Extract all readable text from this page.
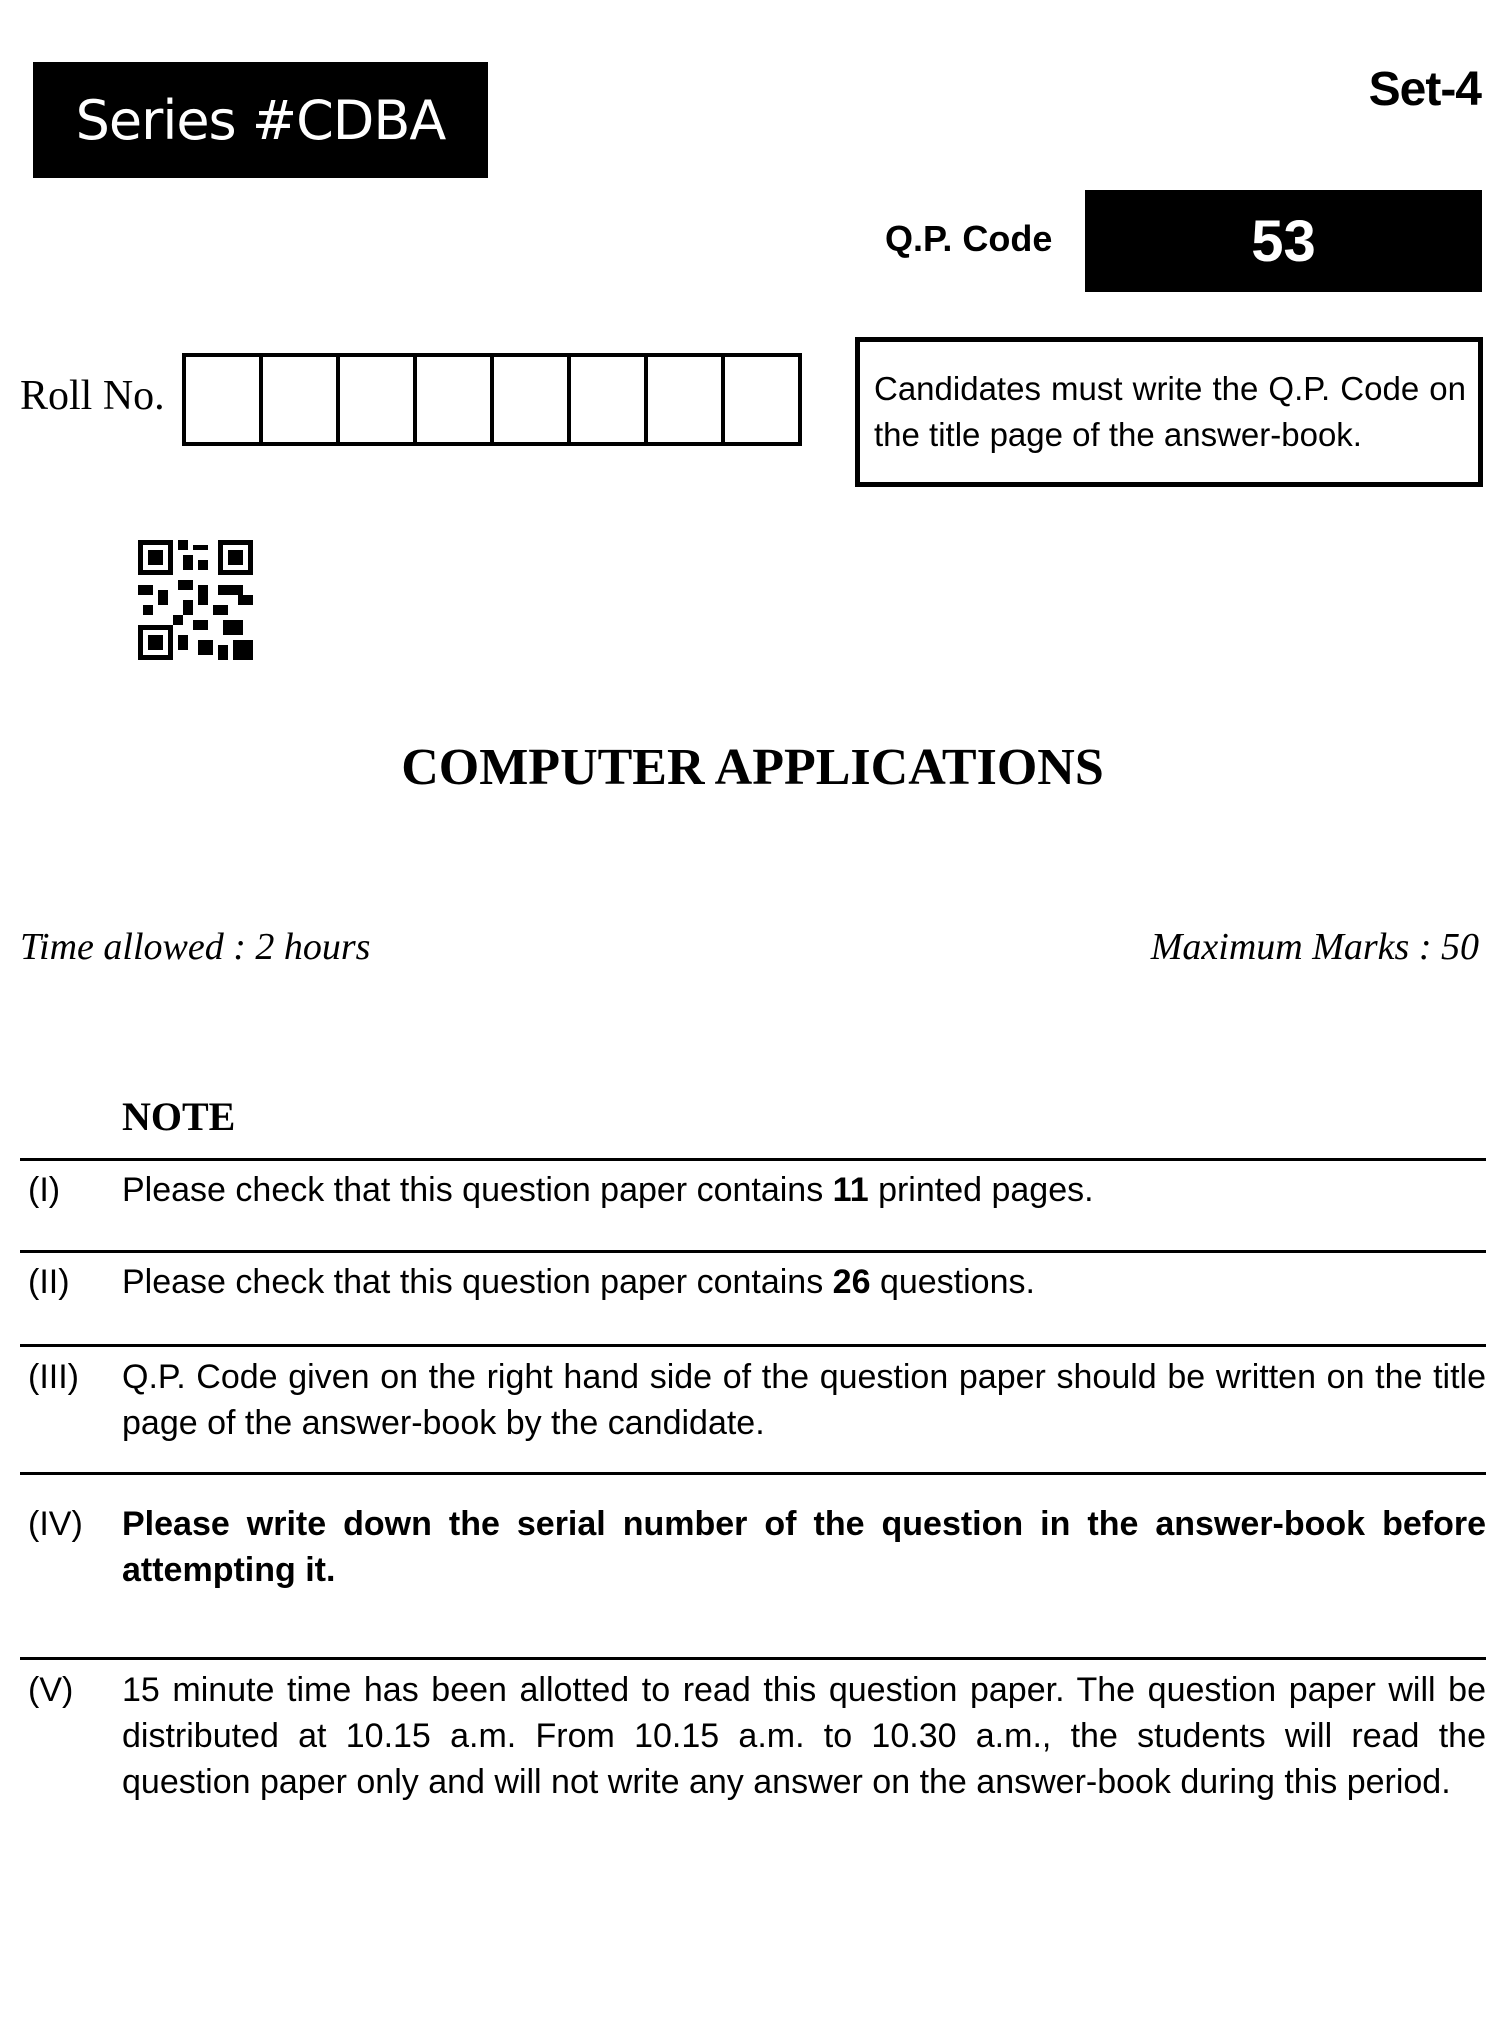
Series #CDBA	Set-4
Q.P. Code	53
Roll No.	Candidates must write the Q.P. Code on the title page of the answer-book.
COMPUTER APPLICATIONS
Time allowed : 2 hours	Maximum Marks : 50
NOTE
(I)	Please check that this question paper contains 11 printed pages.
(II)	Please check that this question paper contains 26 questions.
(III)	Q.P. Code given on the right hand side of the question paper should be written on the title page of the answer-book by the candidate.
(IV)	Please write down the serial number of the question in the answer-book before attempting it.
(V)	15 minute time has been allotted to read this question paper. The question paper will be distributed at 10.15 a.m. From 10.15 a.m. to 10.30 a.m., the students will read the question paper only and will not write any answer on the answer-book during this period.
